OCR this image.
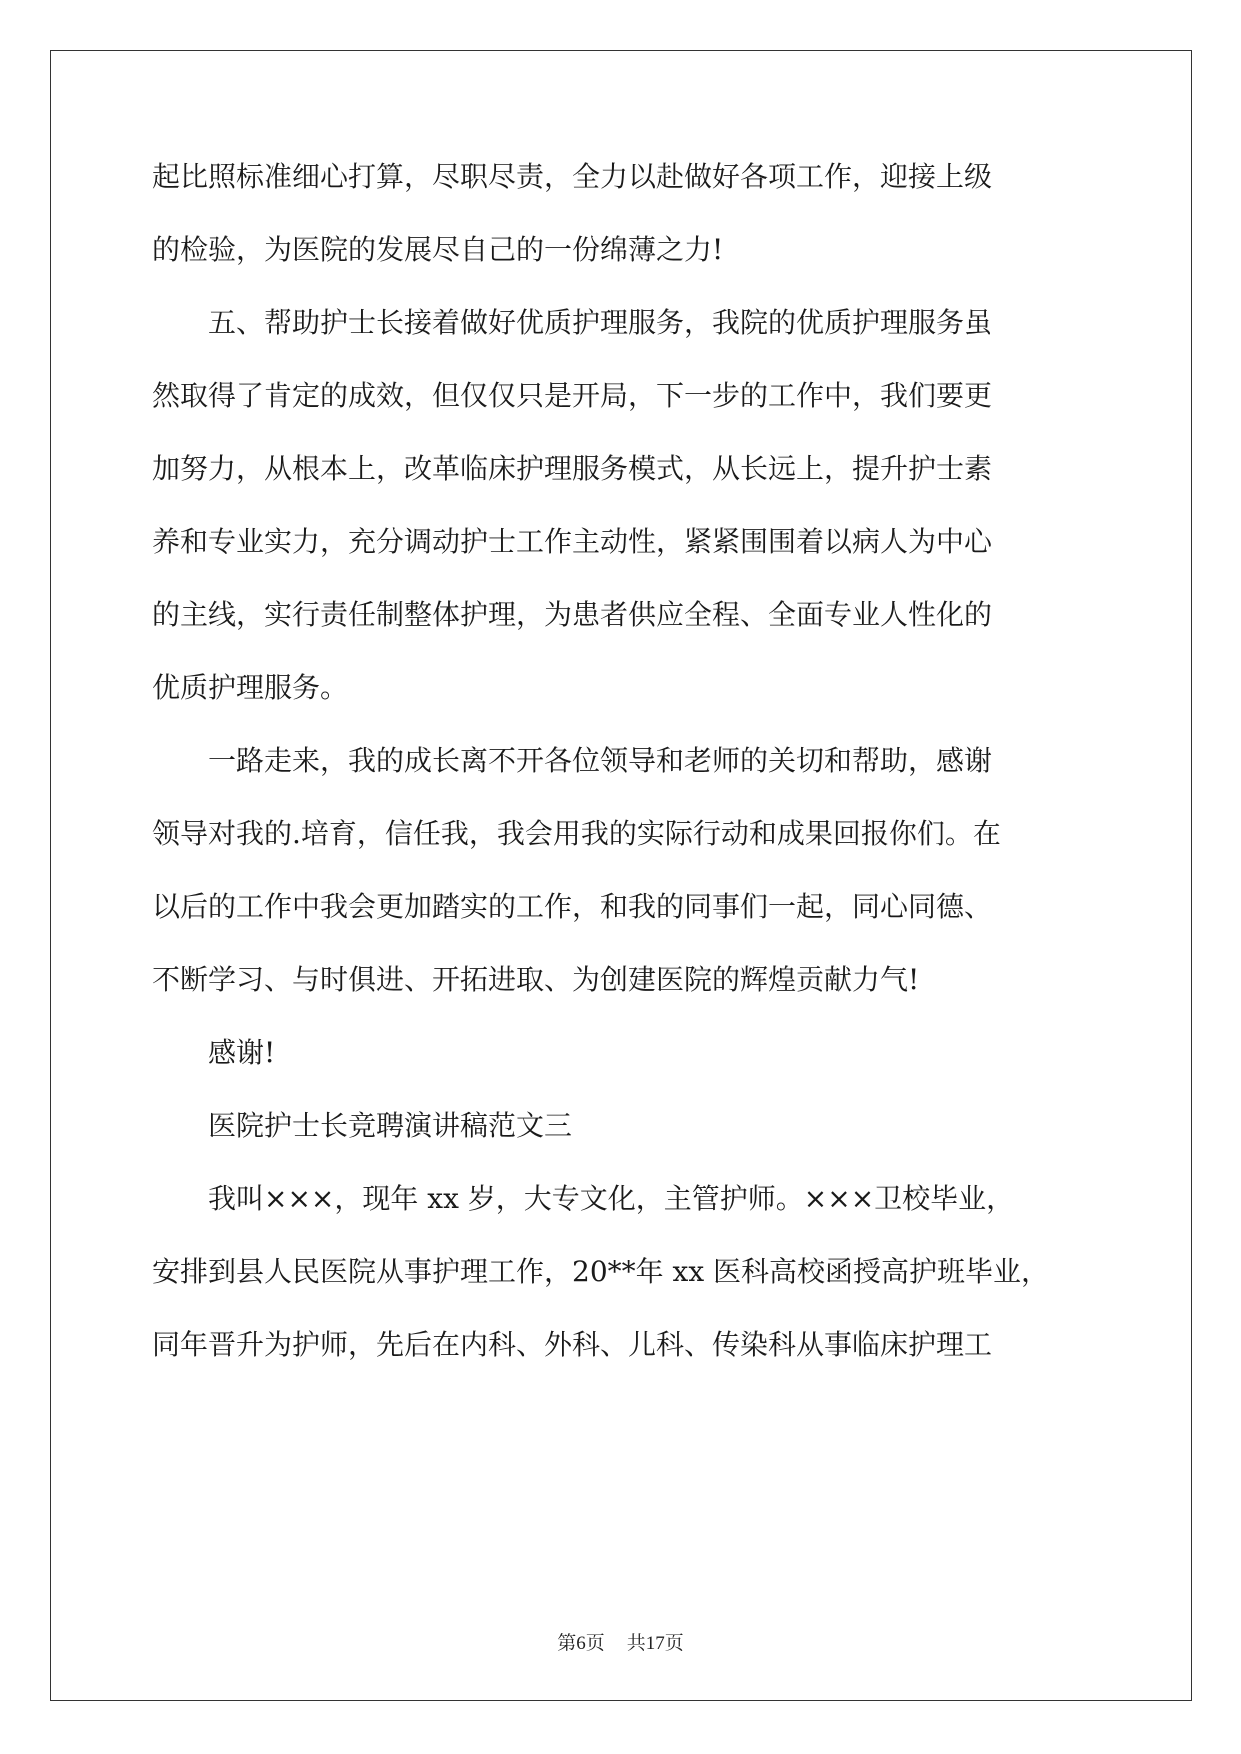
起比照标准细心打算，尽职尽责，全力以赴做好各项工作，迎接上级
的检验，为医院的发展尽自己的一份绵薄之力!
　　五、帮助护士长接着做好优质护理服务，我院的优质护理服务虽
然取得了肯定的成效，但仅仅只是开局，下一步的工作中，我们要更
加努力，从根本上，改革临床护理服务模式，从长远上，提升护士素
养和专业实力，充分调动护士工作主动性，紧紧围围着以病人为中心
的主线，实行责任制整体护理，为患者供应全程、全面专业人性化的
优质护理服务。
　　一路走来，我的成长离不开各位领导和老师的关切和帮助，感谢
领导对我的.培育，信任我，我会用我的实际行动和成果回报你们。在
以后的工作中我会更加踏实的工作，和我的同事们一起，同心同德、
不断学习、与时俱进、开拓进取、为创建医院的辉煌贡献力气!
　　感谢!
　　医院护士长竞聘演讲稿范文三
　　我叫×××，现年 xx 岁，大专文化，主管护师。×××卫校毕业，
安排到县人民医院从事护理工作，20**年 xx 医科高校函授高护班毕业，
同年晋升为护师，先后在内科、外科、儿科、传染科从事临床护理工
第6页 共17页
